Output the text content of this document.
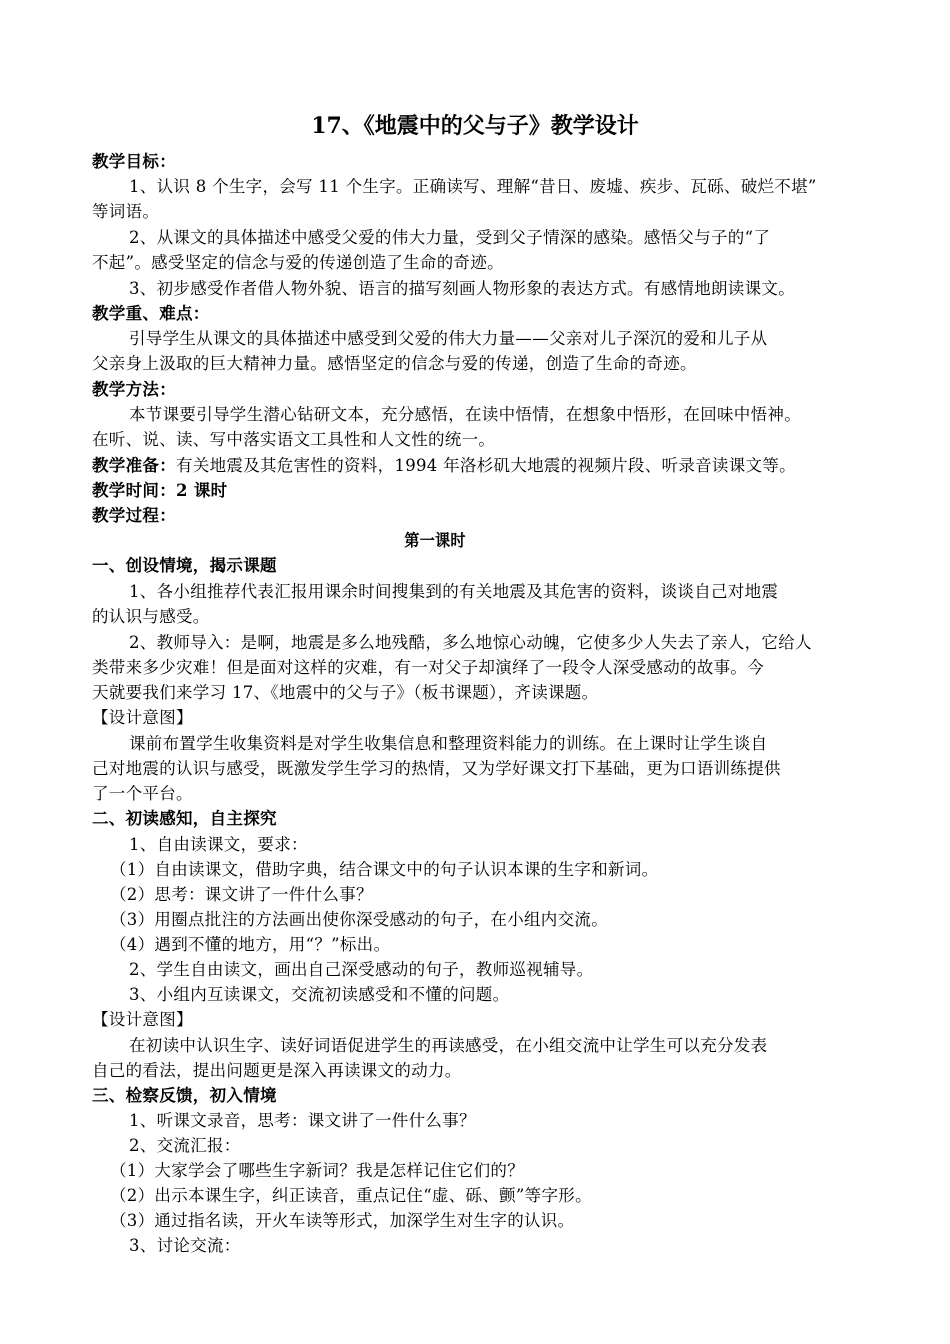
17、《地震中的父与子》教学设计
教学目标：
1、认识 8 个生字，会写 11 个生字。正确读写、理解“昔日、废墟、疾步、瓦砾、破烂不堪”
等词语。
2、从课文的具体描述中感受父爱的伟大力量，受到父子情深的感染。感悟父与子的“了
不起”。感受坚定的信念与爱的传递创造了生命的奇迹。
3、初步感受作者借人物外貌、语言的描写刻画人物形象的表达方式。有感情地朗读课文。
教学重、难点：
引导学生从课文的具体描述中感受到父爱的伟大力量——父亲对儿子深沉的爱和儿子从
父亲身上汲取的巨大精神力量。感悟坚定的信念与爱的传递，创造了生命的奇迹。
教学方法：
本节课要引导学生潜心钻研文本，充分感悟，在读中悟情，在想象中悟形，在回味中悟神。
在听、说、读、写中落实语文工具性和人文性的统一。
教学准备：有关地震及其危害性的资料，1994 年洛杉矶大地震的视频片段、听录音读课文等。
教学时间：2 课时
教学过程：
第一课时
一、创设情境，揭示课题
1、各小组推荐代表汇报用课余时间搜集到的有关地震及其危害的资料，谈谈自己对地震
的认识与感受。
2、教师导入：是啊，地震是多么地残酷，多么地惊心动魄，它使多少人失去了亲人，它给人
类带来多少灾难！但是面对这样的灾难，有一对父子却演绎了一段令人深受感动的故事。今
天就要我们来学习 17、《地震中的父与子》（板书课题），齐读课题。
【设计意图】
课前布置学生收集资料是对学生收集信息和整理资料能力的训练。在上课时让学生谈自
己对地震的认识与感受，既激发学生学习的热情，又为学好课文打下基础，更为口语训练提供
了一个平台。
二、初读感知，自主探究
1、自由读课文，要求：
（1）自由读课文，借助字典，结合课文中的句子认识本课的生字和新词。
（2）思考：课文讲了一件什么事？
（3）用圈点批注的方法画出使你深受感动的句子，在小组内交流。
（4）遇到不懂的地方，用“？”标出。
2、学生自由读文，画出自己深受感动的句子，教师巡视辅导。
3、小组内互读课文，交流初读感受和不懂的问题。
【设计意图】
在初读中认识生字、读好词语促进学生的再读感受，在小组交流中让学生可以充分发表
自己的看法，提出问题更是深入再读课文的动力。
三、检察反馈，初入情境
1、听课文录音，思考：课文讲了一件什么事？
2、交流汇报：
（1）大家学会了哪些生字新词？我是怎样记住它们的？
（2）出示本课生字，纠正读音，重点记住“虚、砾、颤”等字形。
（3）通过指名读，开火车读等形式，加深学生对生字的认识。
3、讨论交流：
